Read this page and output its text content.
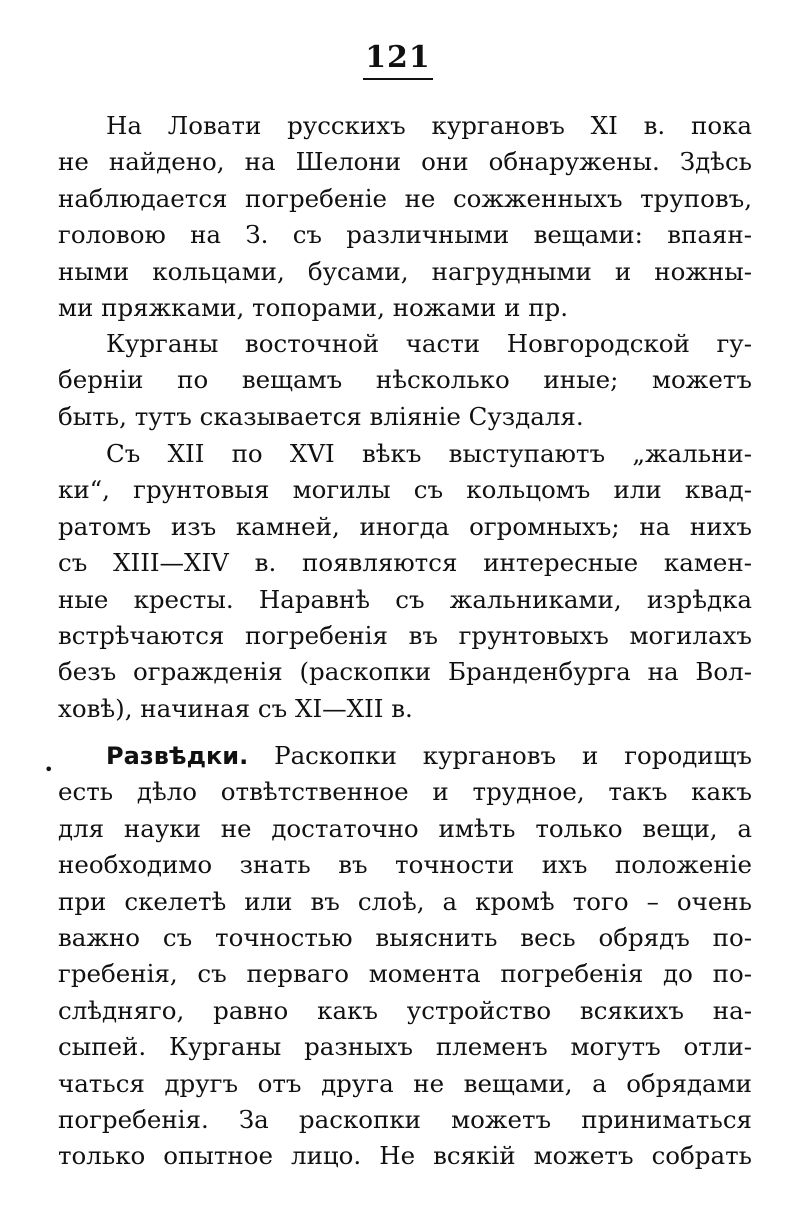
121
На Ловати русскихъ кургановъ XI в. пока
не найдено, на Шелони они обнаружены. Здѣсь
наблюдается погребеніе не сожженныхъ труповъ,
головою на З. съ различными вещами: впаян-
ными кольцами, бусами, нагрудными и ножны-
ми пряжками, топорами, ножами и пр.
Курганы восточной части Новгородской гу-
берніи по вещамъ нѣсколько иные; можетъ
быть, тутъ сказывается вліяніе Суздаля.
Съ XII по XVI вѣкъ выступаютъ „жальни-
ки“, грунтовыя могилы съ кольцомъ или квад-
ратомъ изъ камней, иногда огромныхъ; на нихъ
съ XIII—XIV в. появляются интересные камен-
ные кресты. Наравнѣ съ жальниками, изрѣдка
встрѣчаются погребенія въ грунтовыхъ могилахъ
безъ огражденія (раскопки Бранденбурга на Вол-
ховѣ), начиная съ XI—XII в.
•	Развѣдки. Раскопки кургановъ и городищъ
есть дѣло отвѣтственное и трудное, такъ какъ
для науки не достаточно имѣть только вещи, а
необходимо знать въ точности ихъ положеніе
при скелетѣ или въ слоѣ, а кромѣ того – очень
важно съ точностью выяснить весь обрядъ по-
гребенія, съ перваго момента погребенія до по-
слѣдняго, равно какъ устройство всякихъ на-
сыпей. Курганы разныхъ племенъ могутъ отли-
чаться другъ отъ друга не вещами, а обрядами
погребенія. За раскопки можетъ приниматься
только опытное лицо. Не всякій можетъ собрать
